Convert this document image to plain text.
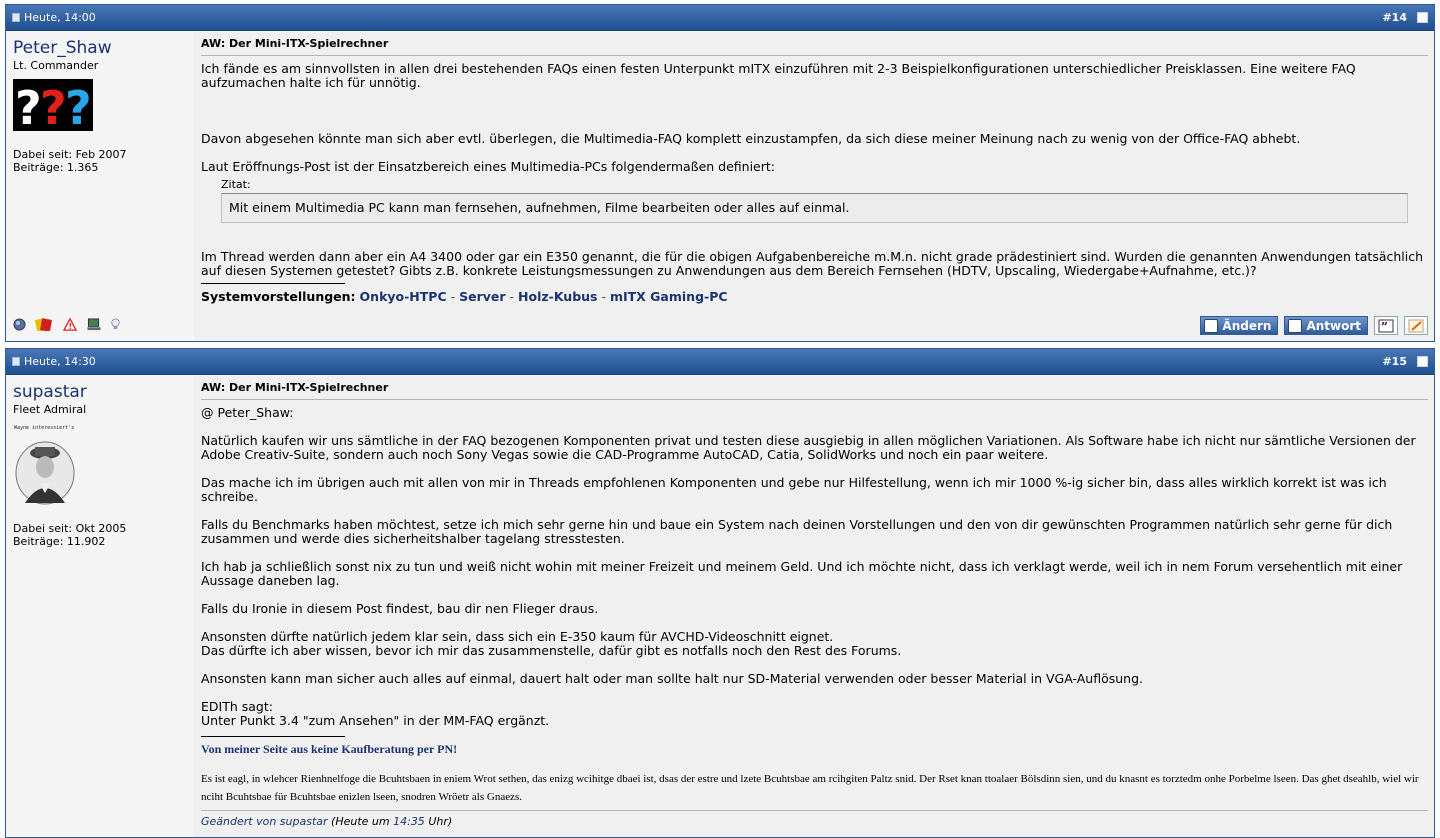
Heute, 14:00	#14
Peter_Shaw
Lt. Commander
?
?
?
Dabei seit: Feb 2007
Beiträge: 1.365
!
AW: Der Mini-ITX-Spielrechner

Ich fände es am sinnvollsten in allen drei bestehenden FAQs einen festen Unterpunkt mITX einzuführen mit 2-3 Beispielkonfigurationen unterschiedlicher Preisklassen. Eine weitere FAQ aufzumachen halte ich für unnötig.

Davon abgesehen könnte man sich aber evtl. überlegen, die Multimedia-FAQ komplett einzustampfen, da sich diese meiner Meinung nach zu wenig von der Office-FAQ abhebt.

Laut Eröffnungs-Post ist der Einsatzbereich eines Multimedia-PCs folgendermaßen definiert:

Zitat:
Mit einem Multimedia PC kann man fernsehen, aufnehmen, Filme bearbeiten oder alles auf einmal.

Im Thread werden dann aber ein A4 3400 oder gar ein E350 genannt, die für die obigen Aufgabenbereiche m.M.n. nicht grade prädestiniert sind. Wurden die genannten Anwendungen tatsächlich auf diesen Systemen getestet? Gibts z.B. konkrete Leistungsmessungen zu Anwendungen aus dem Bereich Fernsehen (HDTV, Upscaling, Wiedergabe+Aufnahme, etc.)?

Systemvorstellungen: Onkyo-HTPC - Server - Holz-Kubus - mITX Gaming-PC
Ändern	Antwort ”
Heute, 14:30	#15
supastar
Fleet Admiral
Wayne interessiert's
Dabei seit: Okt 2005
Beiträge: 11.902
AW: Der Mini-ITX-Spielrechner

@ Peter_Shaw:

Natürlich kaufen wir uns sämtliche in der FAQ bezogenen Komponenten privat und testen diese ausgiebig in allen möglichen Variationen. Als Software habe ich nicht nur sämtliche Versionen der Adobe Creativ-Suite, sondern auch noch Sony Vegas sowie die CAD-Programme AutoCAD, Catia, SolidWorks und noch ein paar weitere.

Das mache ich im übrigen auch mit allen von mir in Threads empfohlenen Komponenten und gebe nur Hilfestellung, wenn ich mir 1000 %-ig sicher bin, dass alles wirklich korrekt ist was ich schreibe.

Falls du Benchmarks haben möchtest, setze ich mich sehr gerne hin und baue ein System nach deinen Vorstellungen und den von dir gewünschten Programmen natürlich sehr gerne für dich zusammen und werde dies sicherheitshalber tagelang stresstesten.

Ich hab ja schließlich sonst nix zu tun und weiß nicht wohin mit meiner Freizeit und meinem Geld. Und ich möchte nicht, dass ich verklagt werde, weil ich in nem Forum versehentlich mit einer Aussage daneben lag.

Falls du Ironie in diesem Post findest, bau dir nen Flieger draus.

Ansonsten dürfte natürlich jedem klar sein, dass sich ein E-350 kaum für AVCHD-Videoschnitt eignet.

Das dürfte ich aber wissen, bevor ich mir das zusammenstelle, dafür gibt es notfalls noch den Rest des Forums.

Ansonsten kann man sicher auch alles auf einmal, dauert halt oder man sollte halt nur SD-Material verwenden oder besser Material in VGA-Auflösung.

EDITh sagt:

Unter Punkt 3.4 "zum Ansehen" in der MM-FAQ ergänzt.

Von meiner Seite aus keine Kaufberatung per PN!
Es ist eagl, in wlehcer Rienhnelfoge die Bcuhtsbaen in eniem Wrot sethen, das enizg wcihitge dbaei ist, dsas der estre und lzete Bcuhtsbae am rcihgiten Paltz snid. Der Rset knan ttoalaer Bölsdinn sien, und du knasnt es torztedm onhe Porbelme lseen. Das ghet dseahlb, wiel wir nciht Bcuhtsbae für Bcuhtsbae enizlen lseen, snodren Wröetr als Gnaezs.
Geändert von supastar (Heute um 14:35 Uhr)
